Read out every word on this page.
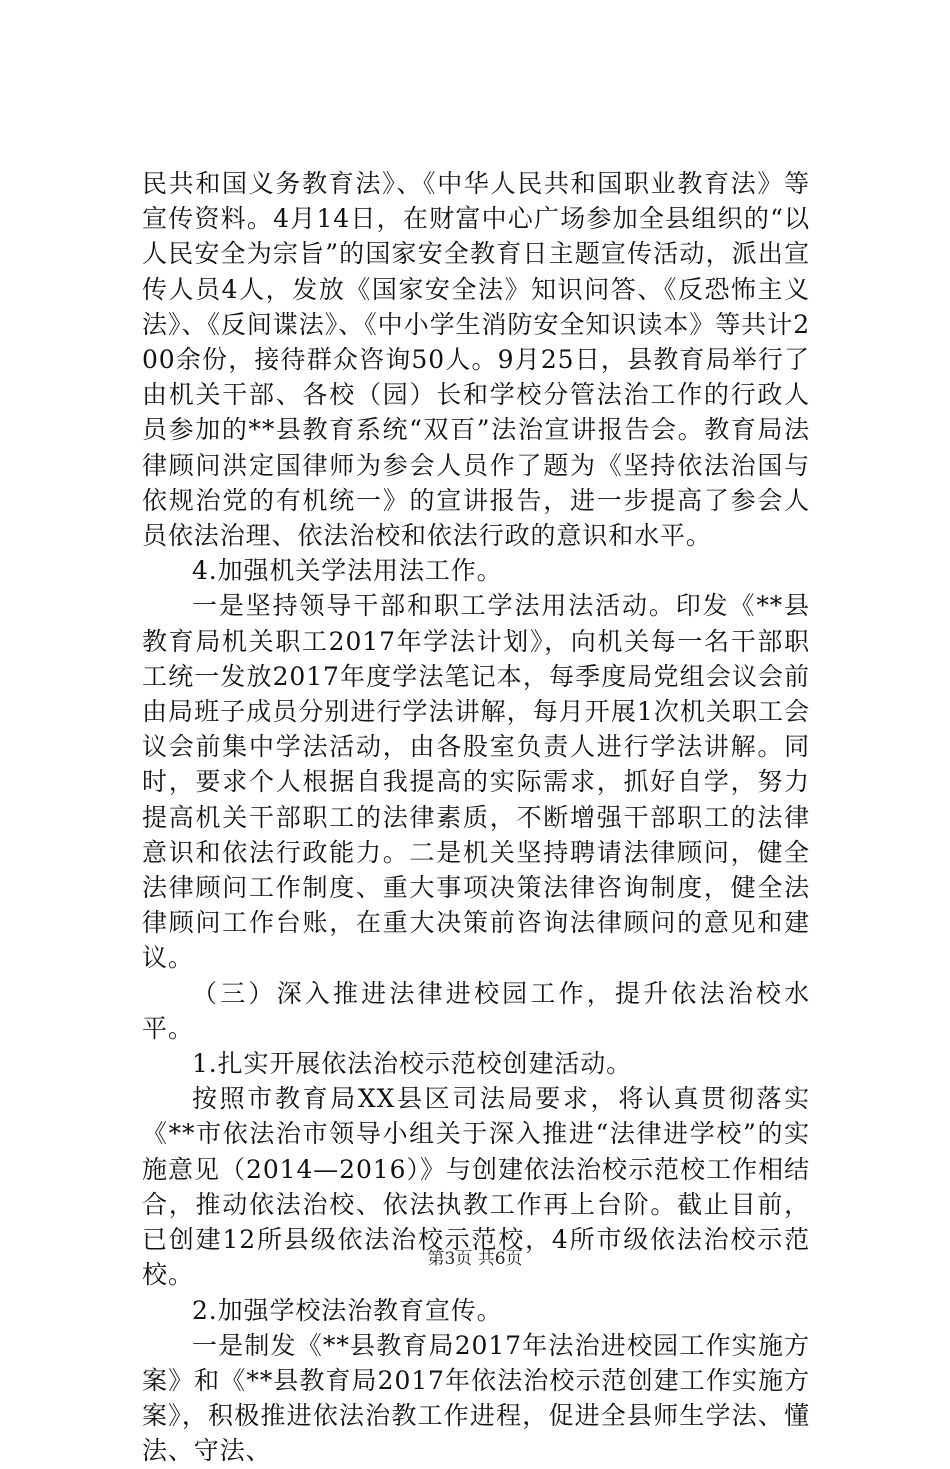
民共和国义务教育法》、《中华人民共和国职业教育法》等宣传资料。4月14日，在财富中心广场参加全县组织的“以人民安全为宗旨”的国家安全教育日主题宣传活动，派出宣传人员4人，发放《国家安全法》知识问答、《反恐怖主义法》、《反间谍法》、《中小学生消防安全知识读本》等共计200余份，接待群众咨询50人。9月25日，县教育局举行了由机关干部、各校（园）长和学校分管法治工作的行政人员参加的**县教育系统“双百”法治宣讲报告会。教育局法律顾问洪定国律师为参会人员作了题为《坚持依法治国与依规治党的有机统一》的宣讲报告，进一步提高了参会人员依法治理、依法治校和依法行政的意识和水平。

4.加强机关学法用法工作。

一是坚持领导干部和职工学法用法活动。印发《**县教育局机关职工2017年学法计划》，向机关每一名干部职工统一发放2017年度学法笔记本，每季度局党组会议会前由局班子成员分别进行学法讲解，每月开展1次机关职工会议会前集中学法活动，由各股室负责人进行学法讲解。同时，要求个人根据自我提高的实际需求，抓好自学，努力提高机关干部职工的法律素质，不断增强干部职工的法律意识和依法行政能力。二是机关坚持聘请法律顾问，健全法律顾问工作制度、重大事项决策法律咨询制度，健全法律顾问工作台账，在重大决策前咨询法律顾问的意见和建议。

（三）深入推进法律进校园工作，提升依法治校水平。

1.扎实开展依法治校示范校创建活动。

按照市教育局XX县区司法局要求，将认真贯彻落实《**市依法治市领导小组关于深入推进“法律进学校”的实施意见（2014—2016）》与创建依法治校示范校工作相结合，推动依法治校、依法执教工作再上台阶。截止目前，已创建12所县级依法治校示范校，4所市级依法治校示范校。

2.加强学校法治教育宣传。

一是制发《**县教育局2017年法治进校园工作实施方案》和《**县教育局2017年依法治校示范创建工作实施方案》，积极推进依法治教工作进程，促进全县师生学法、懂法、守法、

第3页 共6页
